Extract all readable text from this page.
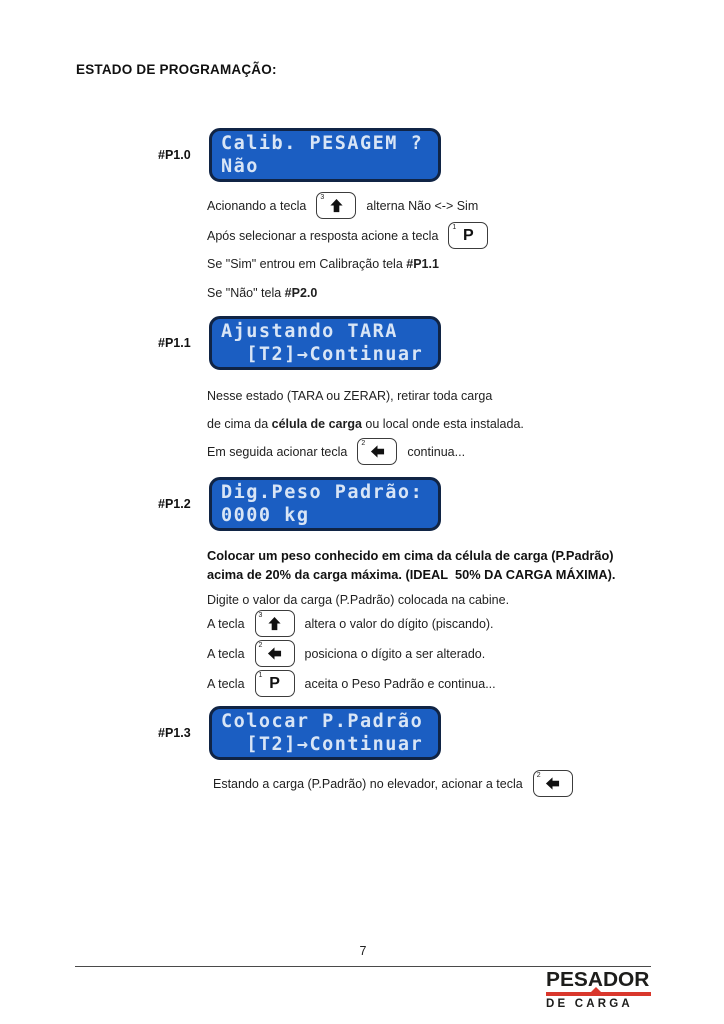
ESTADO DE PROGRAMAÇÃO:
#P1.0
Calib. PESAGEM ?
Não
Acionando a tecla
3
alterna Não <-> Sim
Após selecionar a resposta acione a tecla
1 P
Se "Sim" entrou em Calibração tela #P1.1
Se "Não" tela #P2.0
#P1.1
Ajustando TARA
[T2]→Continuar
Nesse estado (TARA ou ZERAR), retirar toda carga
de cima da célula de carga ou local onde esta instalada.
Em seguida acionar tecla
2
continua...
#P1.2
Dig.Peso Padrão:
0000 kg
Colocar um peso conhecido em cima da célula de carga (P.Padrão)
acima de 20% da carga máxima. (IDEAL  50% DA CARGA MÁXIMA).
Digite o valor da carga (P.Padrão) colocada na cabine.
A tecla
3
altera o valor do dígito (piscando).
A tecla
2
posiciona o dígito a ser alterado.
A tecla
1 P aceita o Peso Padrão e continua...
#P1.3
Colocar P.Padrão
[T2]→Continuar
Estando a carga (P.Padrão) no elevador, acionar a tecla
2
7
PESADOR
DE CARGA
